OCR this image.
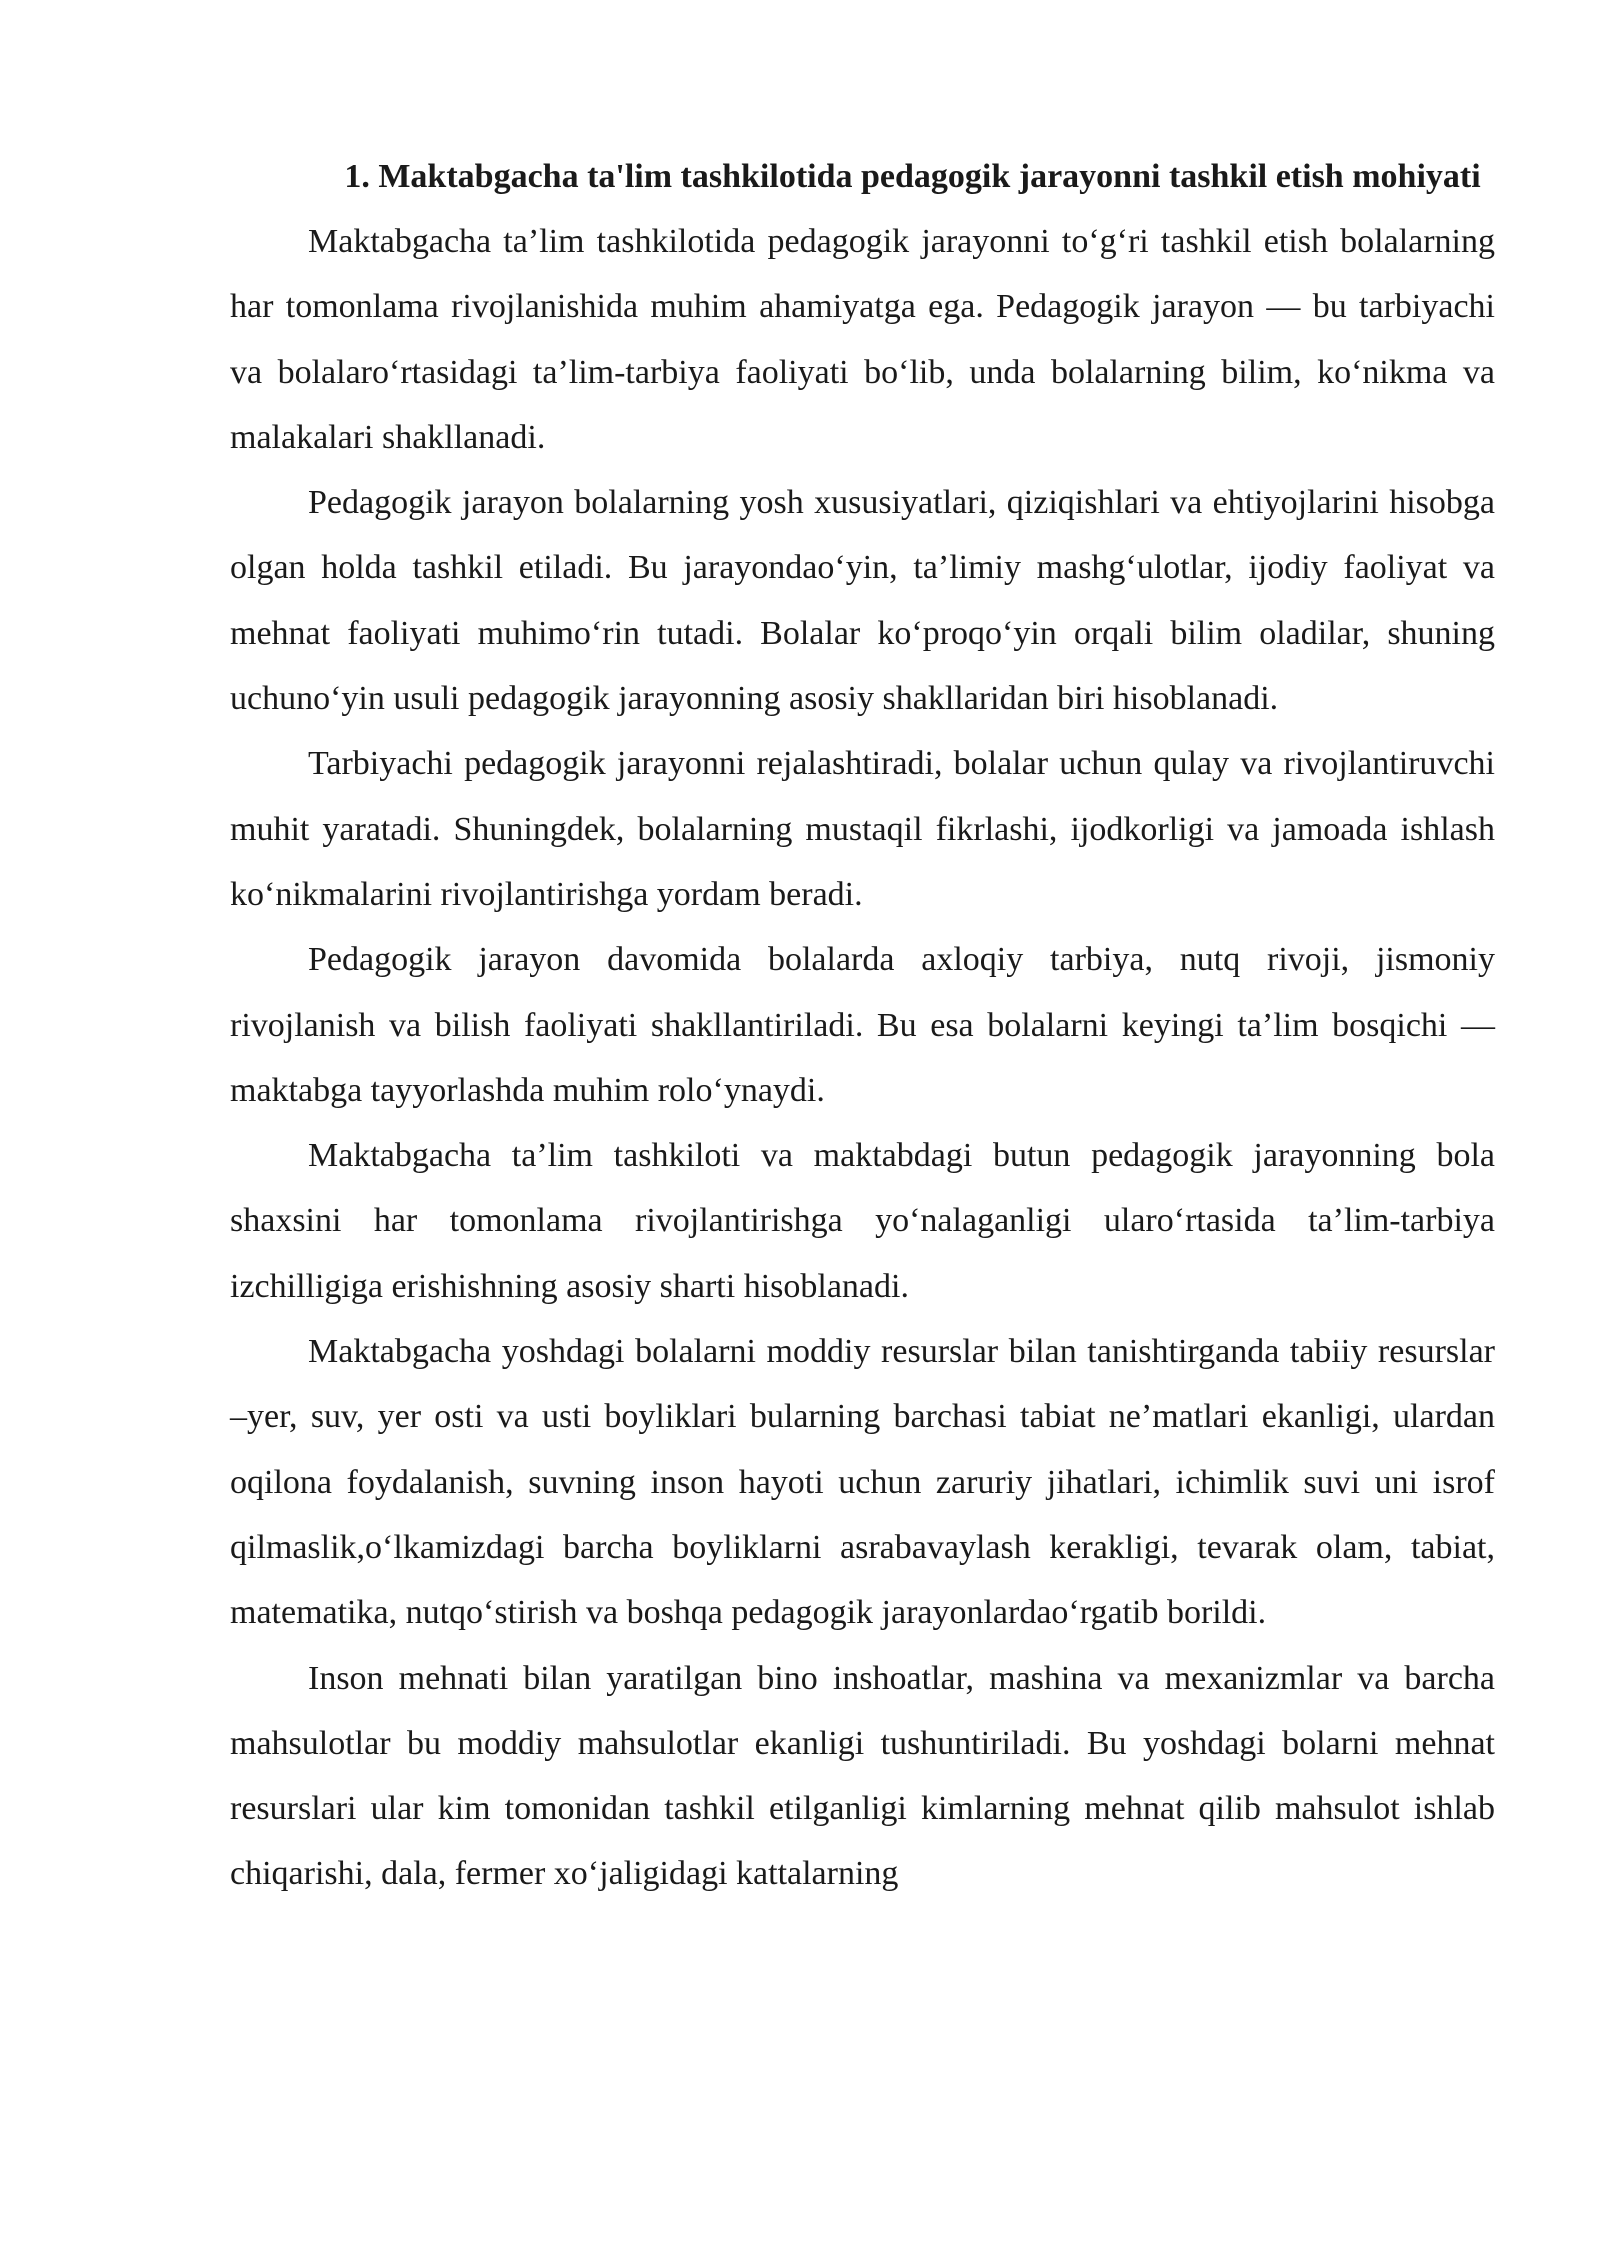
1. Maktabgacha ta'lim tashkilotida pedagogik jarayonni tashkil etish mohiyati

Maktabgacha ta’lim tashkilotida pedagogik jarayonni to‘g‘ri tashkil etish bolalarning har tomonlama rivojlanishida muhim ahamiyatga ega. Pedagogik jarayon — bu tarbiyachi va bolalaro‘rtasidagi ta’lim-tarbiya faoliyati bo‘lib, unda bolalarning bilim, ko‘nikma va malakalari shakllanadi.

Pedagogik jarayon bolalarning yosh xususiyatlari, qiziqishlari va ehtiyojlarini hisobga olgan holda tashkil etiladi. Bu jarayondao‘yin, ta’limiy mashg‘ulotlar, ijodiy faoliyat va mehnat faoliyati muhimo‘rin tutadi. Bolalar ko‘proqo‘yin orqali bilim oladilar, shuning uchuno‘yin usuli pedagogik jarayonning asosiy shakllaridan biri hisoblanadi.

Tarbiyachi pedagogik jarayonni rejalashtiradi, bolalar uchun qulay va rivojlantiruvchi muhit yaratadi. Shuningdek, bolalarning mustaqil fikrlashi, ijodkorligi va jamoada ishlash ko‘nikmalarini rivojlantirishga yordam beradi.

Pedagogik jarayon davomida bolalarda axloqiy tarbiya, nutq rivoji, jismoniy rivojlanish va bilish faoliyati shakllantiriladi. Bu esa bolalarni keyingi ta’lim bosqichi — maktabga tayyorlashda muhim rolo‘ynaydi.

Maktabgacha ta’lim tashkiloti va maktabdagi butun pedagogik jarayonning bola shaxsini har tomonlama rivojlantirishga yo‘nalaganligi ularo‘rtasida ta’lim-tarbiya izchilligiga erishishning asosiy sharti hisoblanadi.

Maktabgacha yoshdagi bolalarni moddiy resurslar bilan tanishtirganda tabiiy resurslar –yer, suv, yer osti va usti boyliklari bularning barchasi tabiat ne’matlari ekanligi, ulardan oqilona foydalanish, suvning inson hayoti uchun zaruriy jihatlari, ichimlik suvi uni isrof qilmaslik,o‘lkamizdagi barcha boyliklarni asrabavaylash kerakligi, tevarak olam, tabiat, matematika, nutqo‘stirish va boshqa pedagogik jarayonlardao‘rgatib borildi.

Inson mehnati bilan yaratilgan bino inshoatlar, mashina va mexanizmlar va barcha mahsulotlar bu moddiy mahsulotlar ekanligi tushuntiriladi. Bu yoshdagi bolarni mehnat resurslari ular kim tomonidan tashkil etilganligi kimlarning mehnat qilib mahsulot ishlab chiqarishi, dala, fermer xo‘jaligidagi kattalarning
